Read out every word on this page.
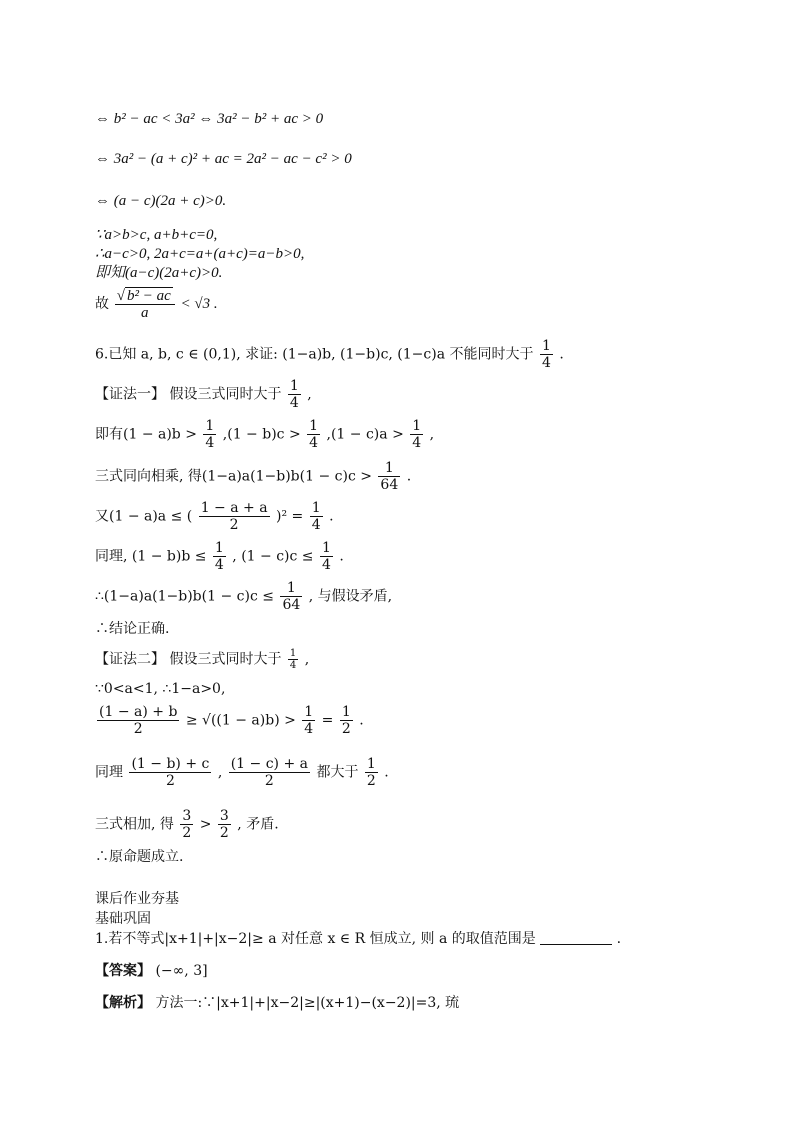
⇔ b² − ac < 3a² ⇔ 3a² − b² + ac > 0
⇔ 3a² − (a + c)² + ac = 2a² − ac − c² > 0
⇔ (a − c)(2a + c)>0.
∵a>b>c, a+b+c=0,
∴a−c>0, 2a+c=a+(a+c)=a−b>0,
即知(a−c)(2a+c)>0.
故 $\frac{\text{√ b² − ac}}{a} < √3$ .
6.已知 a, b, c ∈ (0,1), 求证: (1−a)b, (1−b)c, (1−c)a 不能同时大于 $\frac{1}{4}$ .
【证法一】 假设三式同时大于 $\frac{1}{4}$ ,
即有$(1 - a)b > \frac{1}{4} ,(1 - b)c > \frac{1}{4} ,(1 - c)a > \frac{1}{4}$ ,
三式同向相乘, 得$(1-a)a(1-b)b(1 - c)c > \frac{1}{64}$ .
又(1 − a)a ≤ ( $\frac{1 - a + a}{2} )^2 = \frac{1}{4}$ .
同理, $(1 - b)b \le \frac{1}{4}$ , $(1 - c)c \le \frac{1}{4}$ .
∴(1−a)a(1−b)b(1 − $c)c \le \frac{1}{64}$ , 与假设矛盾,
∴结论正确.
【证法二】 假设三式同时大于 $\frac{1}{4}$ ,
∵0<a<1, ∴1−a>0,
$\frac{(1 - a) + b}{2} \ge √((1 - a)b) > \frac{1}{4} = \frac{1}{2}$ .
同理 $\frac{(1 - b) + c}{2}$ , $\frac{(1 - c) + a}{2}$ 都大于 $\frac{1}{2}$ .
三式相加, 得 $\frac{3}{2} > \frac{3}{2}$ , 矛盾.
∴原命题成立.
课后作业夯基
基础巩固
1.若不等式|x+1|+|x−2|≥ a 对任意 x ∈ R 恒成立, 则 a 的取值范围是	.
【答案】 (−∞, 3]
【解析】 方法一:∵|x+1|+|x−2|≥|(x+1)−(x−2)|=3, 琉
